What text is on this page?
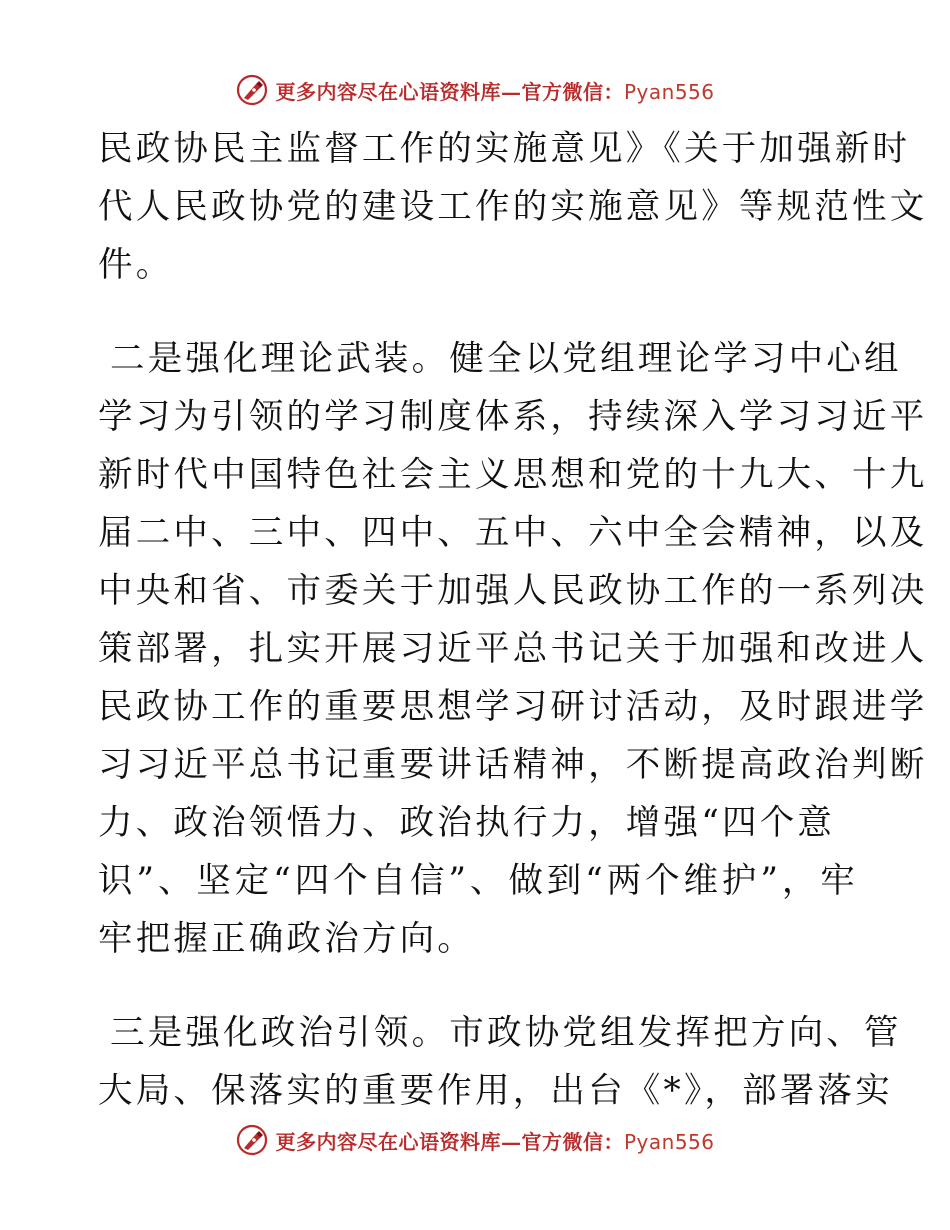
更多内容尽在心语资料库—官方微信：Pyan556
民政协民主监督工作的实施意见》《关于加强新时
代人民政协党的建设工作的实施意见》等规范性文
件。
二是强化理论武装。健全以党组理论学习中心组
学习为引领的学习制度体系，持续深入学习习近平
新时代中国特色社会主义思想和党的十九大、十九
届二中、三中、四中、五中、六中全会精神，以及
中央和省、市委关于加强人民政协工作的一系列决
策部署，扎实开展习近平总书记关于加强和改进人
民政协工作的重要思想学习研讨活动，及时跟进学
习习近平总书记重要讲话精神，不断提高政治判断
力、政治领悟力、政治执行力，增强“四个意
识”、坚定“四个自信”、做到“两个维护”，牢
牢把握正确政治方向。
三是强化政治引领。市政协党组发挥把方向、管
大局、保落实的重要作用，出台《*》，部署落实
更多内容尽在心语资料库—官方微信：Pyan556
